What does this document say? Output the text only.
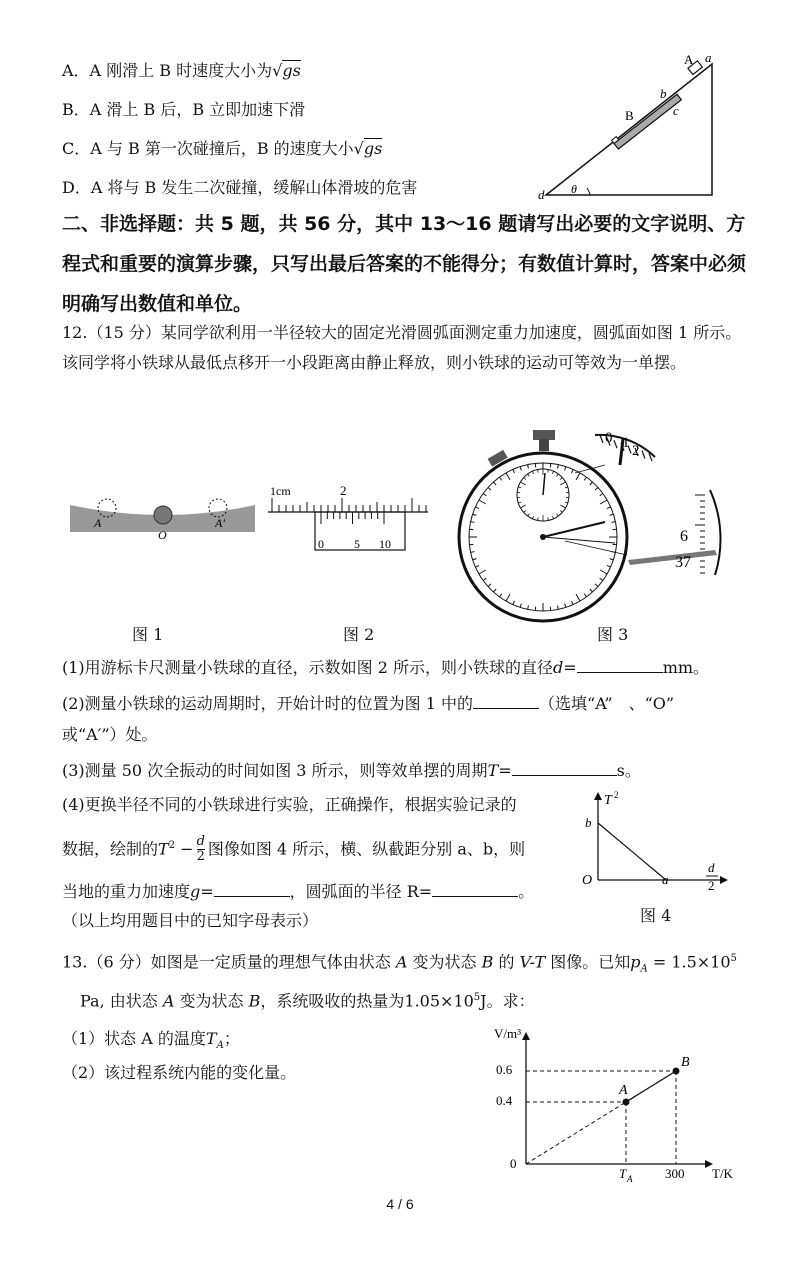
A．A 刚滑上 B 时速度大小为√gs
B．A 滑上 B 后，B 立即加速下滑
C．A 与 B 第一次碰撞后，B 的速度大小√gs
D．A 将与 B 发生二次碰撞，缓解山体滑坡的危害
A a
b
c
B
d θ
二、非选择题：共 5 题，共 56 分，其中 13～16 题请写出必要的文字说明、方程式和重要的演算步骤，只写出最后答案的不能得分；有数值计算时，答案中必须明确写出数值和单位。
12.（15 分）某同学欲利用一半径较大的固定光滑圆弧面测定重力加速度，圆弧面如图 1 所示。该同学将小铁球从最低点移开一小段距离由静止释放，则小铁球的运动可等效为一单摆。
A
O
A′
1cm	2
0	5 10
0 1 2
6
37
图 1	图 2	图 3
(1)用游标卡尺测量小铁球的直径，示数如图 2 所示，则小铁球的直径d=	mm。
(2)测量小铁球的运动周期时，开始计时的位置为图 1 中的	（选填“A”　、“O”
或“A′”）处。
(3)测量 50 次全振动的时间如图 3 所示，则等效单摆的周期T=	s。
(4)更换半径不同的小铁球进行实验，正确操作，根据实验记录的
数据，绘制的$T^2 - \frac{d}{2}$ 图像如图 4 所示，横、纵截距分别 a、b，则
当地的重力加速度g=	，圆弧面的半径 R=	。
（以上均用题目中的已知字母表示）
T 2
b
O	a
d
2
图 4
13.（6 分）如图是一定质量的理想气体由状态 A 变为状态 B 的 V-T 图像。已知$p_A = 1.5\times 10^5$
Pa, 由状态 A 变为状态 B，系统吸收的热量为$1.05\times 10^5J$。求：
（1）状态 A 的温度$T_A$；
（2）该过程系统内能的变化量。
V/m³
T/K
0.6
0.4
0
T A	300
A
B
4 / 6
